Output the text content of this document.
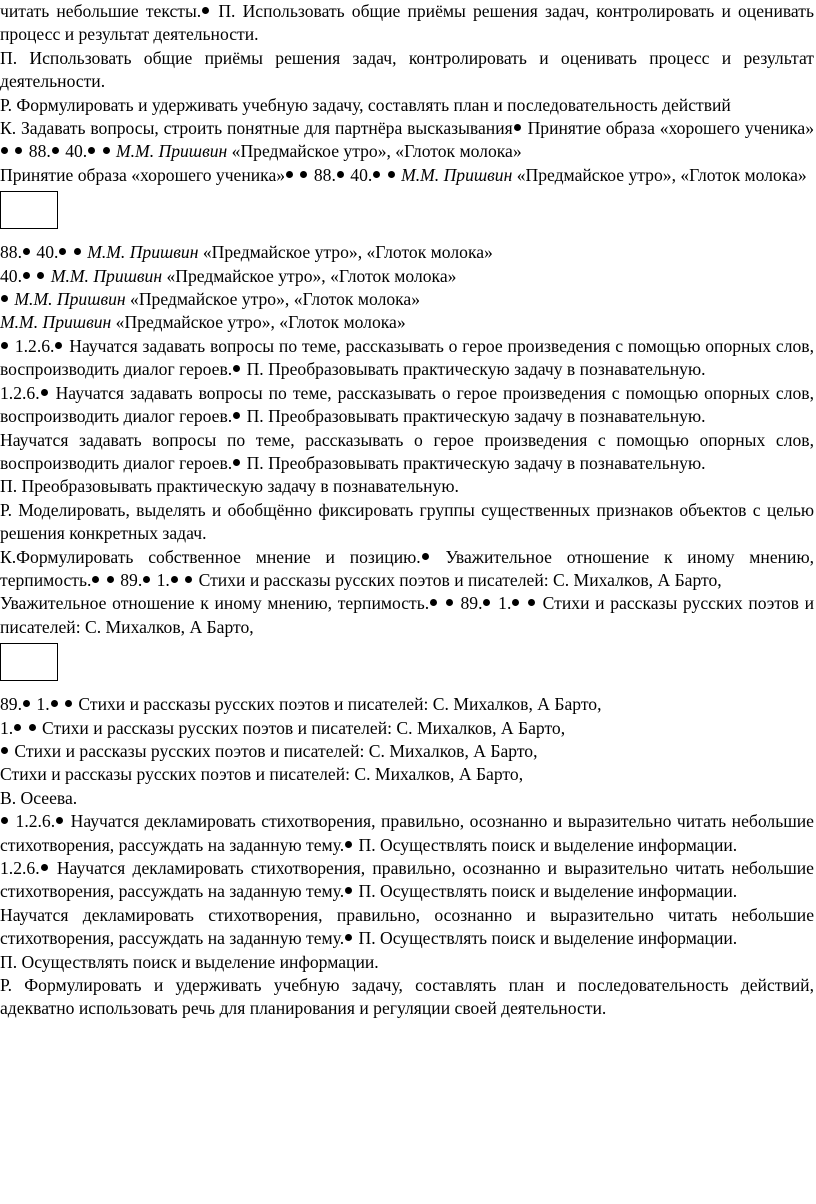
читать небольшие тексты. П. Использовать общие приёмы решения задач, контролировать и оценивать процесс и результат деятельности.

П. Использовать общие приёмы решения задач, контролировать и оценивать процесс и результат деятельности.

Р. Формулировать и удерживать учебную задачу, составлять план и последовательность действий

К. Задавать вопросы, строить понятные для партнёра высказывания Принятие образа «хорошего ученика»  88. 40. М.М. Пришвин «Предмайское утро», «Глоток молока»

Принятие образа «хорошего ученика»  88. 40. М.М. Пришвин «Предмайское утро», «Глоток молока»

88. 40. М.М. Пришвин «Предмайское утро», «Глоток молока»

40. М.М. Пришвин «Предмайское утро», «Глоток молока»

М.М. Пришвин «Предмайское утро», «Глоток молока»

М.М. Пришвин «Предмайское утро», «Глоток молока»

1.2.6. Научатся задавать вопросы по теме, рассказывать о герое произведения с помощью опорных слов, воспроизводить диалог героев. П. Преобразовывать практическую задачу в познавательную.

1.2.6. Научатся задавать вопросы по теме, рассказывать о герое произведения с помощью опорных слов, воспроизводить диалог героев. П. Преобразовывать практическую задачу в познавательную.

Научатся задавать вопросы по теме, рассказывать о герое произведения с помощью опорных слов, воспроизводить диалог героев. П. Преобразовывать практическую задачу в познавательную.

П. Преобразовывать практическую задачу в познавательную.

Р. Моделировать, выделять и обобщённо фиксировать группы существенных признаков объектов с целью решения конкретных задач.

К.Формулировать собственное мнение и позицию. Уважительное отношение к иному мнению, терпимость.  89. 1.  Стихи и рассказы русских поэтов и писателей: С. Михалков, А Барто,

Уважительное отношение к иному мнению, терпимость.  89. 1.  Стихи и рассказы русских поэтов и писателей: С. Михалков, А Барто,

89. 1.  Стихи и рассказы русских поэтов и писателей: С. Михалков, А Барто,

1.  Стихи и рассказы русских поэтов и писателей: С. Михалков, А Барто,

Стихи и рассказы русских поэтов и писателей: С. Михалков, А Барто,

Стихи и рассказы русских поэтов и писателей: С. Михалков, А Барто,

В. Осеева.

1.2.6. Научатся декламировать стихотворения, правильно, осознанно и выразительно читать небольшие стихотворения, рассуждать на заданную тему. П. Осуществлять поиск и выделение информации.

1.2.6. Научатся декламировать стихотворения, правильно, осознанно и выразительно читать небольшие стихотворения, рассуждать на заданную тему. П. Осуществлять поиск и выделение информации.

Научатся декламировать стихотворения, правильно, осознанно и выразительно читать небольшие стихотворения, рассуждать на заданную тему. П. Осуществлять поиск и выделение информации.

П. Осуществлять поиск и выделение информации.

Р. Формулировать и удерживать учебную задачу, составлять план и последовательность действий, адекватно использовать речь для планирования и регуляции своей деятельности.
